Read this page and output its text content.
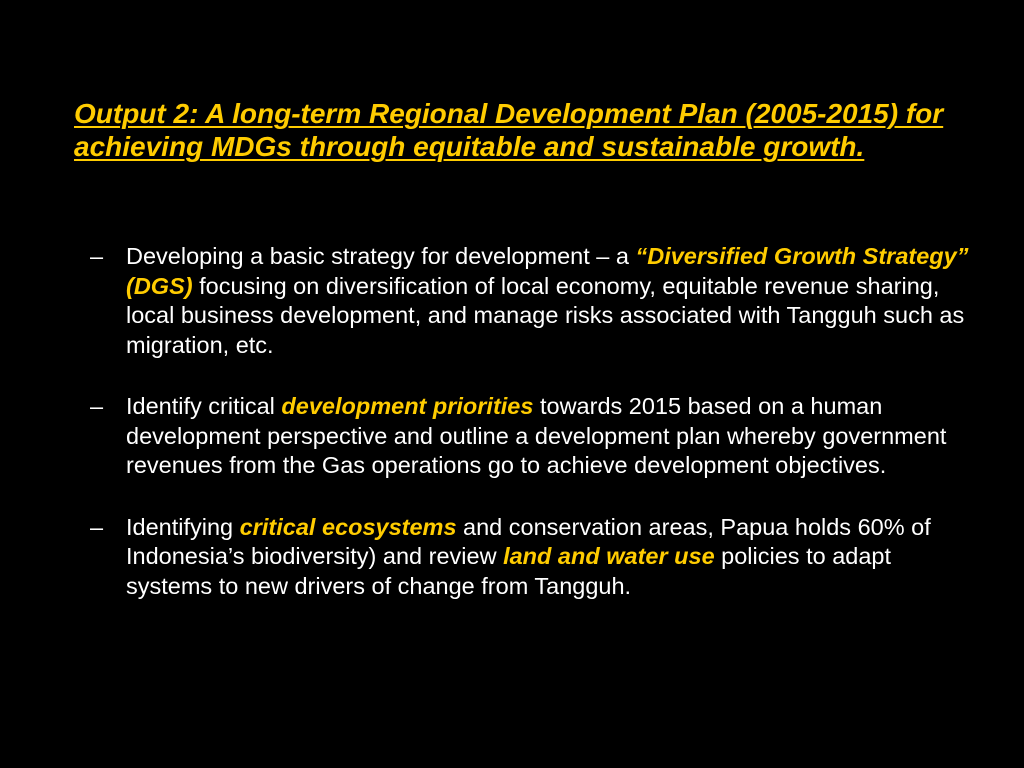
Output 2: A long-term Regional Development Plan (2005-2015) for achieving MDGs through equitable and sustainable growth.
– Developing a basic strategy for development – a “Diversified Growth Strategy” (DGS) focusing on diversification of local economy, equitable revenue sharing, local business development, and manage risks associated with Tangguh such as migration, etc.
– Identify critical development priorities towards 2015 based on a human development perspective and outline a development plan whereby government revenues from the Gas operations go to achieve development objectives.
– Identifying critical ecosystems and conservation areas, Papua holds 60% of Indonesia’s biodiversity) and review land and water use policies to adapt systems to new drivers of change from Tangguh.
